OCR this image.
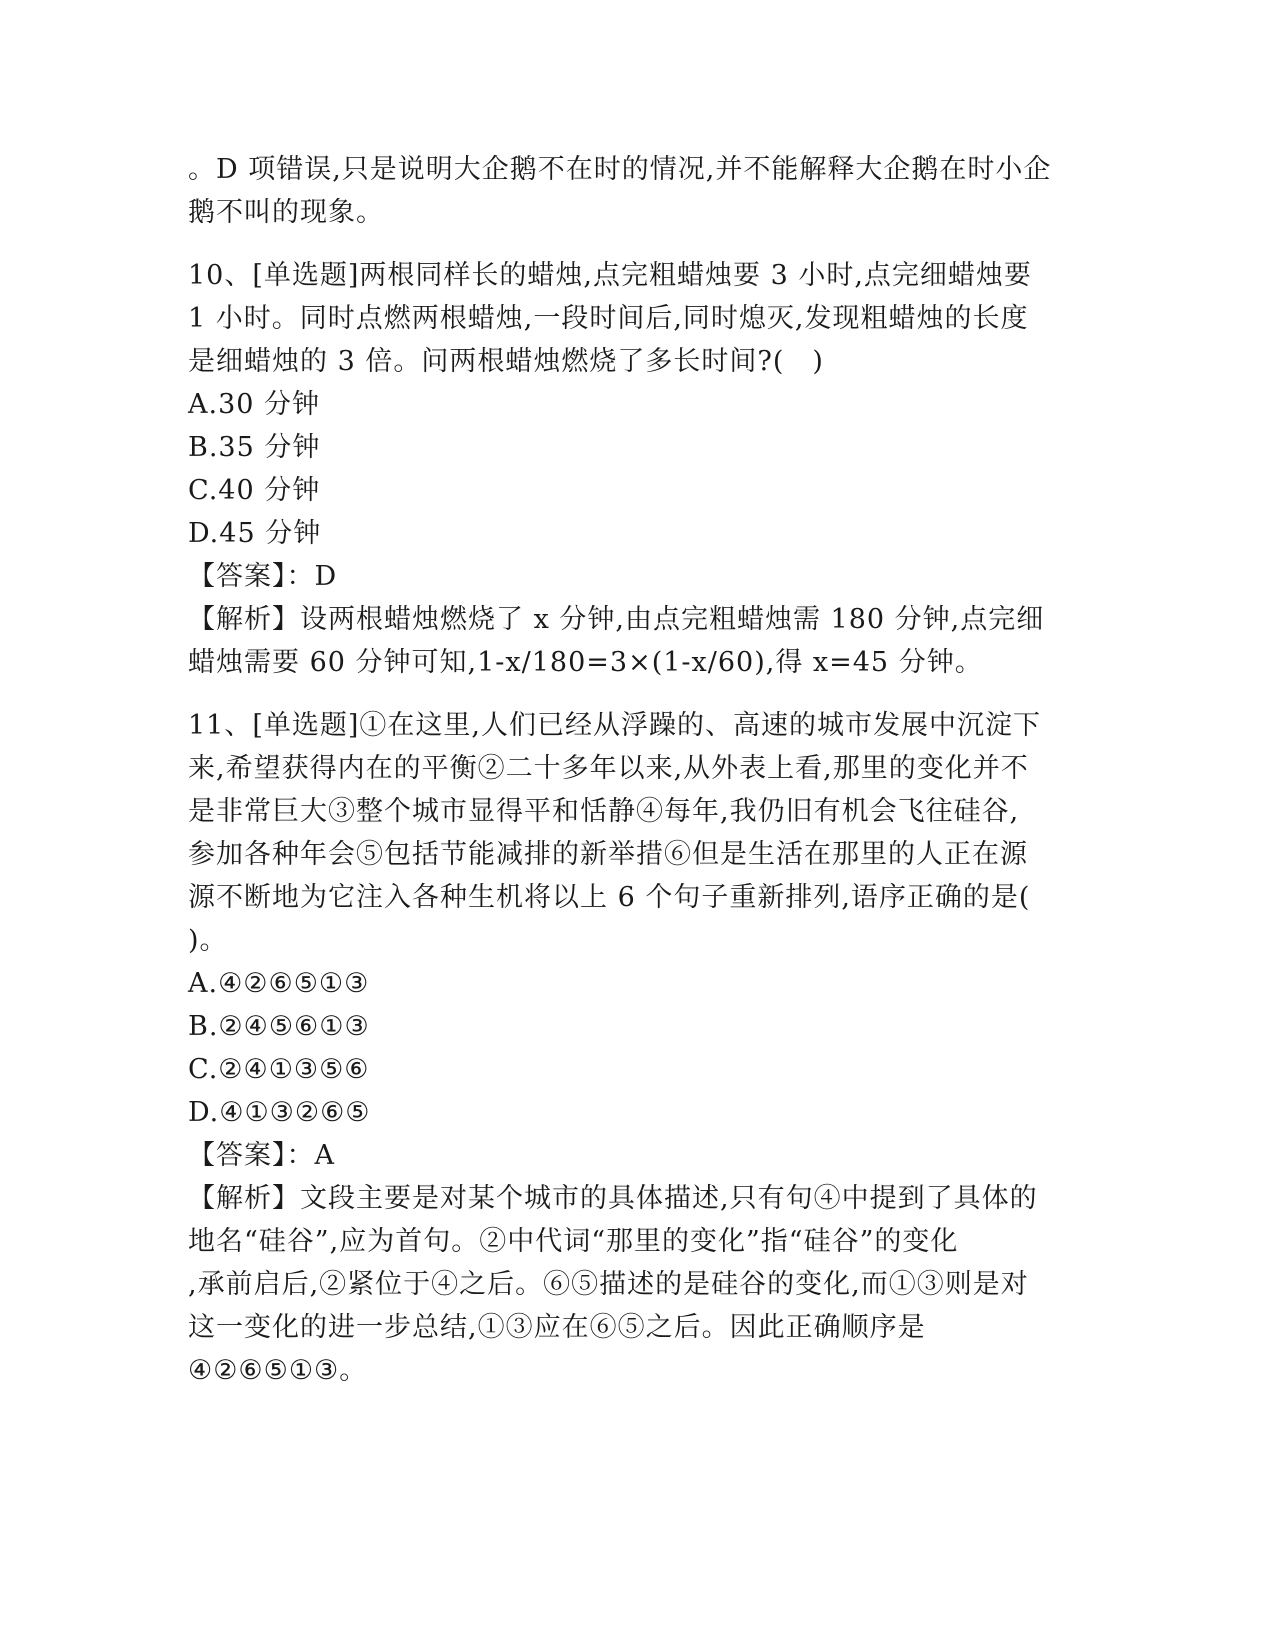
。D 项错误,只是说明大企鹅不在时的情况,并不能解释大企鹅在时小企
鹅不叫的现象。
10、[单选题]两根同样长的蜡烛,点完粗蜡烛要 3 小时,点完细蜡烛要
1 小时。同时点燃两根蜡烛,一段时间后,同时熄灭,发现粗蜡烛的长度
是细蜡烛的 3 倍。问两根蜡烛燃烧了多长时间?(　)
A.30 分钟
B.35 分钟
C.40 分钟
D.45 分钟
【答案】：D
【解析】设两根蜡烛燃烧了 x 分钟,由点完粗蜡烛需 180 分钟,点完细
蜡烛需要 60 分钟可知,1-x/180=3×(1-x/60),得 x=45 分钟。
11、[单选题]①在这里,人们已经从浮躁的、高速的城市发展中沉淀下
来,希望获得内在的平衡②二十多年以来,从外表上看,那里的变化并不
是非常巨大③整个城市显得平和恬静④每年,我仍旧有机会飞往硅谷,
参加各种年会⑤包括节能减排的新举措⑥但是生活在那里的人正在源
源不断地为它注入各种生机将以上 6 个句子重新排列,语序正确的是(
)。
A.④②⑥⑤①③
B.②④⑤⑥①③
C.②④①③⑤⑥
D.④①③②⑥⑤
【答案】：A
【解析】文段主要是对某个城市的具体描述,只有句④中提到了具体的
地名“硅谷”,应为首句。②中代词“那里的变化”指“硅谷”的变化
,承前启后,②紧位于④之后。⑥⑤描述的是硅谷的变化,而①③则是对
这一变化的进一步总结,①③应在⑥⑤之后。因此正确顺序是
④②⑥⑤①③。
